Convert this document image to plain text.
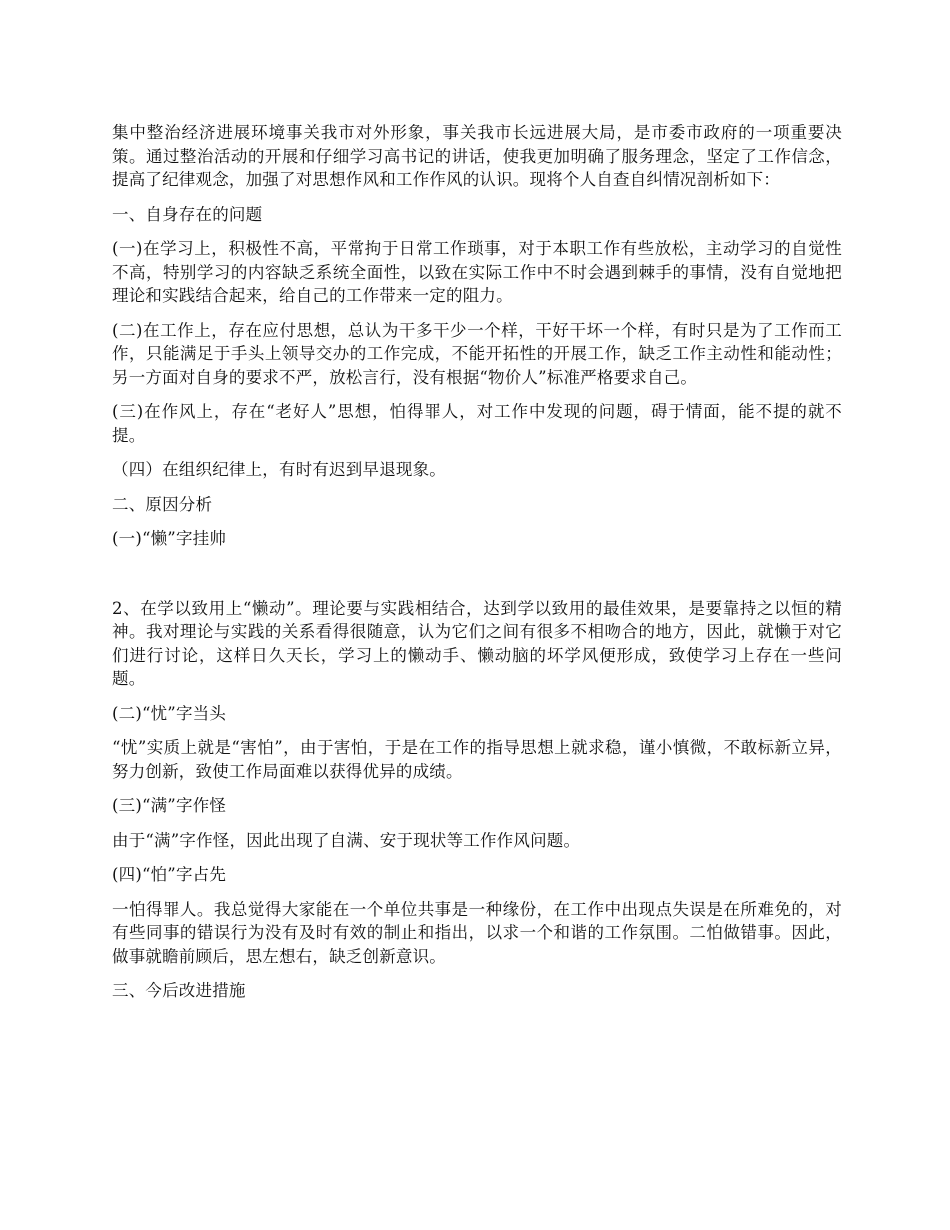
集中整治经济进展环境事关我市对外形象，事关我市长远进展大局，是市委市政府的一项重要决策。通过整治活动的开展和仔细学习高书记的讲话，使我更加明确了服务理念，坚定了工作信念，提高了纪律观念，加强了对思想作风和工作作风的认识。现将个人自查自纠情况剖析如下：

一、自身存在的问题

(一)在学习上，积极性不高，平常拘于日常工作琐事，对于本职工作有些放松，主动学习的自觉性不高，特别学习的内容缺乏系统全面性，以致在实际工作中不时会遇到棘手的事情，没有自觉地把理论和实践结合起来，给自己的工作带来一定的阻力。

(二)在工作上，存在应付思想，总认为干多干少一个样，干好干坏一个样，有时只是为了工作而工作，只能满足于手头上领导交办的工作完成，不能开拓性的开展工作，缺乏工作主动性和能动性；另一方面对自身的要求不严，放松言行，没有根据“物价人”标准严格要求自己。

(三)在作风上，存在“老好人”思想，怕得罪人，对工作中发现的问题，碍于情面，能不提的就不提。

（四）在组织纪律上，有时有迟到早退现象。

二、原因分析

(一)“懒”字挂帅

2、在学以致用上“懒动”。理论要与实践相结合，达到学以致用的最佳效果，是要靠持之以恒的精神。我对理论与实践的关系看得很随意，认为它们之间有很多不相吻合的地方，因此，就懒于对它们进行讨论，这样日久天长，学习上的懒动手、懒动脑的坏学风便形成，致使学习上存在一些问题。

(二)“忧”字当头

“忧”实质上就是“害怕”，由于害怕，于是在工作的指导思想上就求稳，谨小慎微，不敢标新立异，努力创新，致使工作局面难以获得优异的成绩。

(三)“满”字作怪

由于“满”字作怪，因此出现了自满、安于现状等工作作风问题。

(四)“怕”字占先

一怕得罪人。我总觉得大家能在一个单位共事是一种缘份，在工作中出现点失误是在所难免的，对有些同事的错误行为没有及时有效的制止和指出，以求一个和谐的工作氛围。二怕做错事。因此，做事就瞻前顾后，思左想右，缺乏创新意识。

三、今后改进措施
